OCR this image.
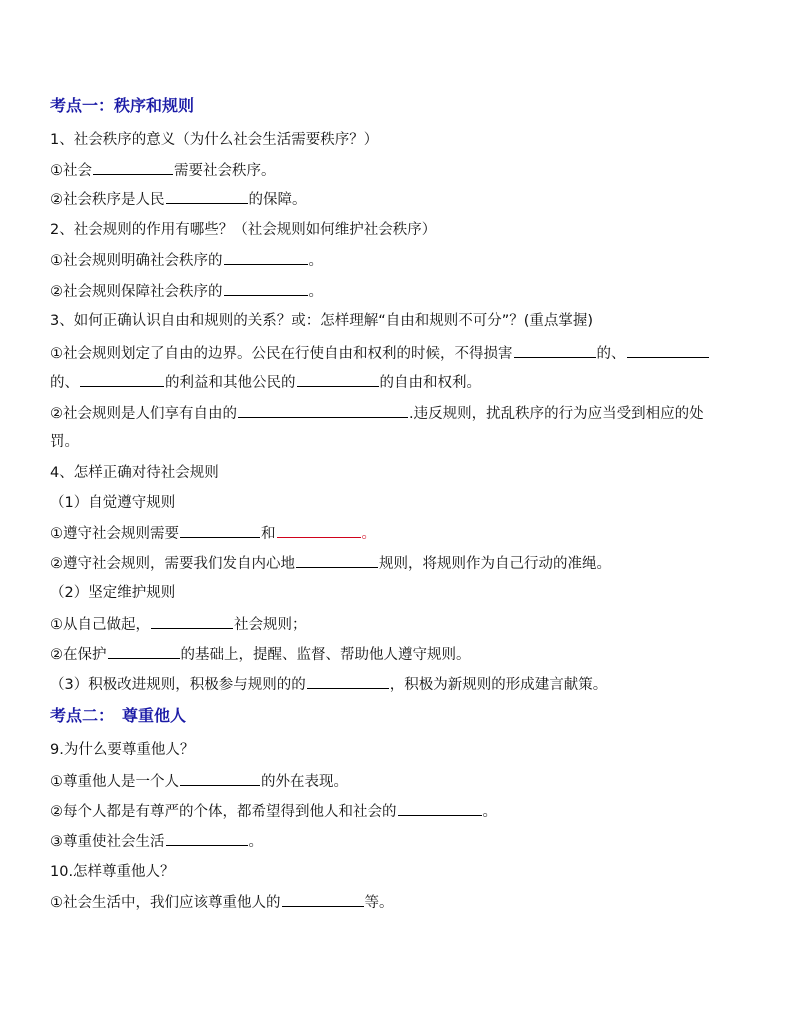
考点一：秩序和规则
1、社会秩序的意义（为什么社会生活需要秩序？）
①社会	需要社会秩序。
②社会秩序是人民	的保障。
2、社会规则的作用有哪些？（社会规则如何维护社会秩序）
①社会规则明确社会秩序的	。
②社会规则保障社会秩序的	。
3、如何正确认识自由和规则的关系？或：怎样理解“自由和规则不可分”？(重点掌握)
①社会规则划定了自由的边界。公民在行使自由和权利的时候，不得损害	的、
的、	的利益和其他公民的	的自由和权利。
②社会规则是人们享有自由的	.违反规则，扰乱秩序的行为应当受到相应的处
罚。
4、怎样正确对待社会规则
（1）自觉遵守规则
①遵守社会规则需要	和	。
②遵守社会规则，需要我们发自内心地	规则，将规则作为自己行动的准绳。
（2）坚定维护规则
①从自己做起，	社会规则；
②在保护	的基础上，提醒、监督、帮助他人遵守规则。
（3）积极改进规则，积极参与规则的的	，积极为新规则的形成建言献策。
考点二：　尊重他人
9.为什么要尊重他人？
①尊重他人是一个人	的外在表现。
②每个人都是有尊严的个体，都希望得到他人和社会的	。
③尊重使社会生活	。
10.怎样尊重他人？
①社会生活中，我们应该尊重他人的	等。
